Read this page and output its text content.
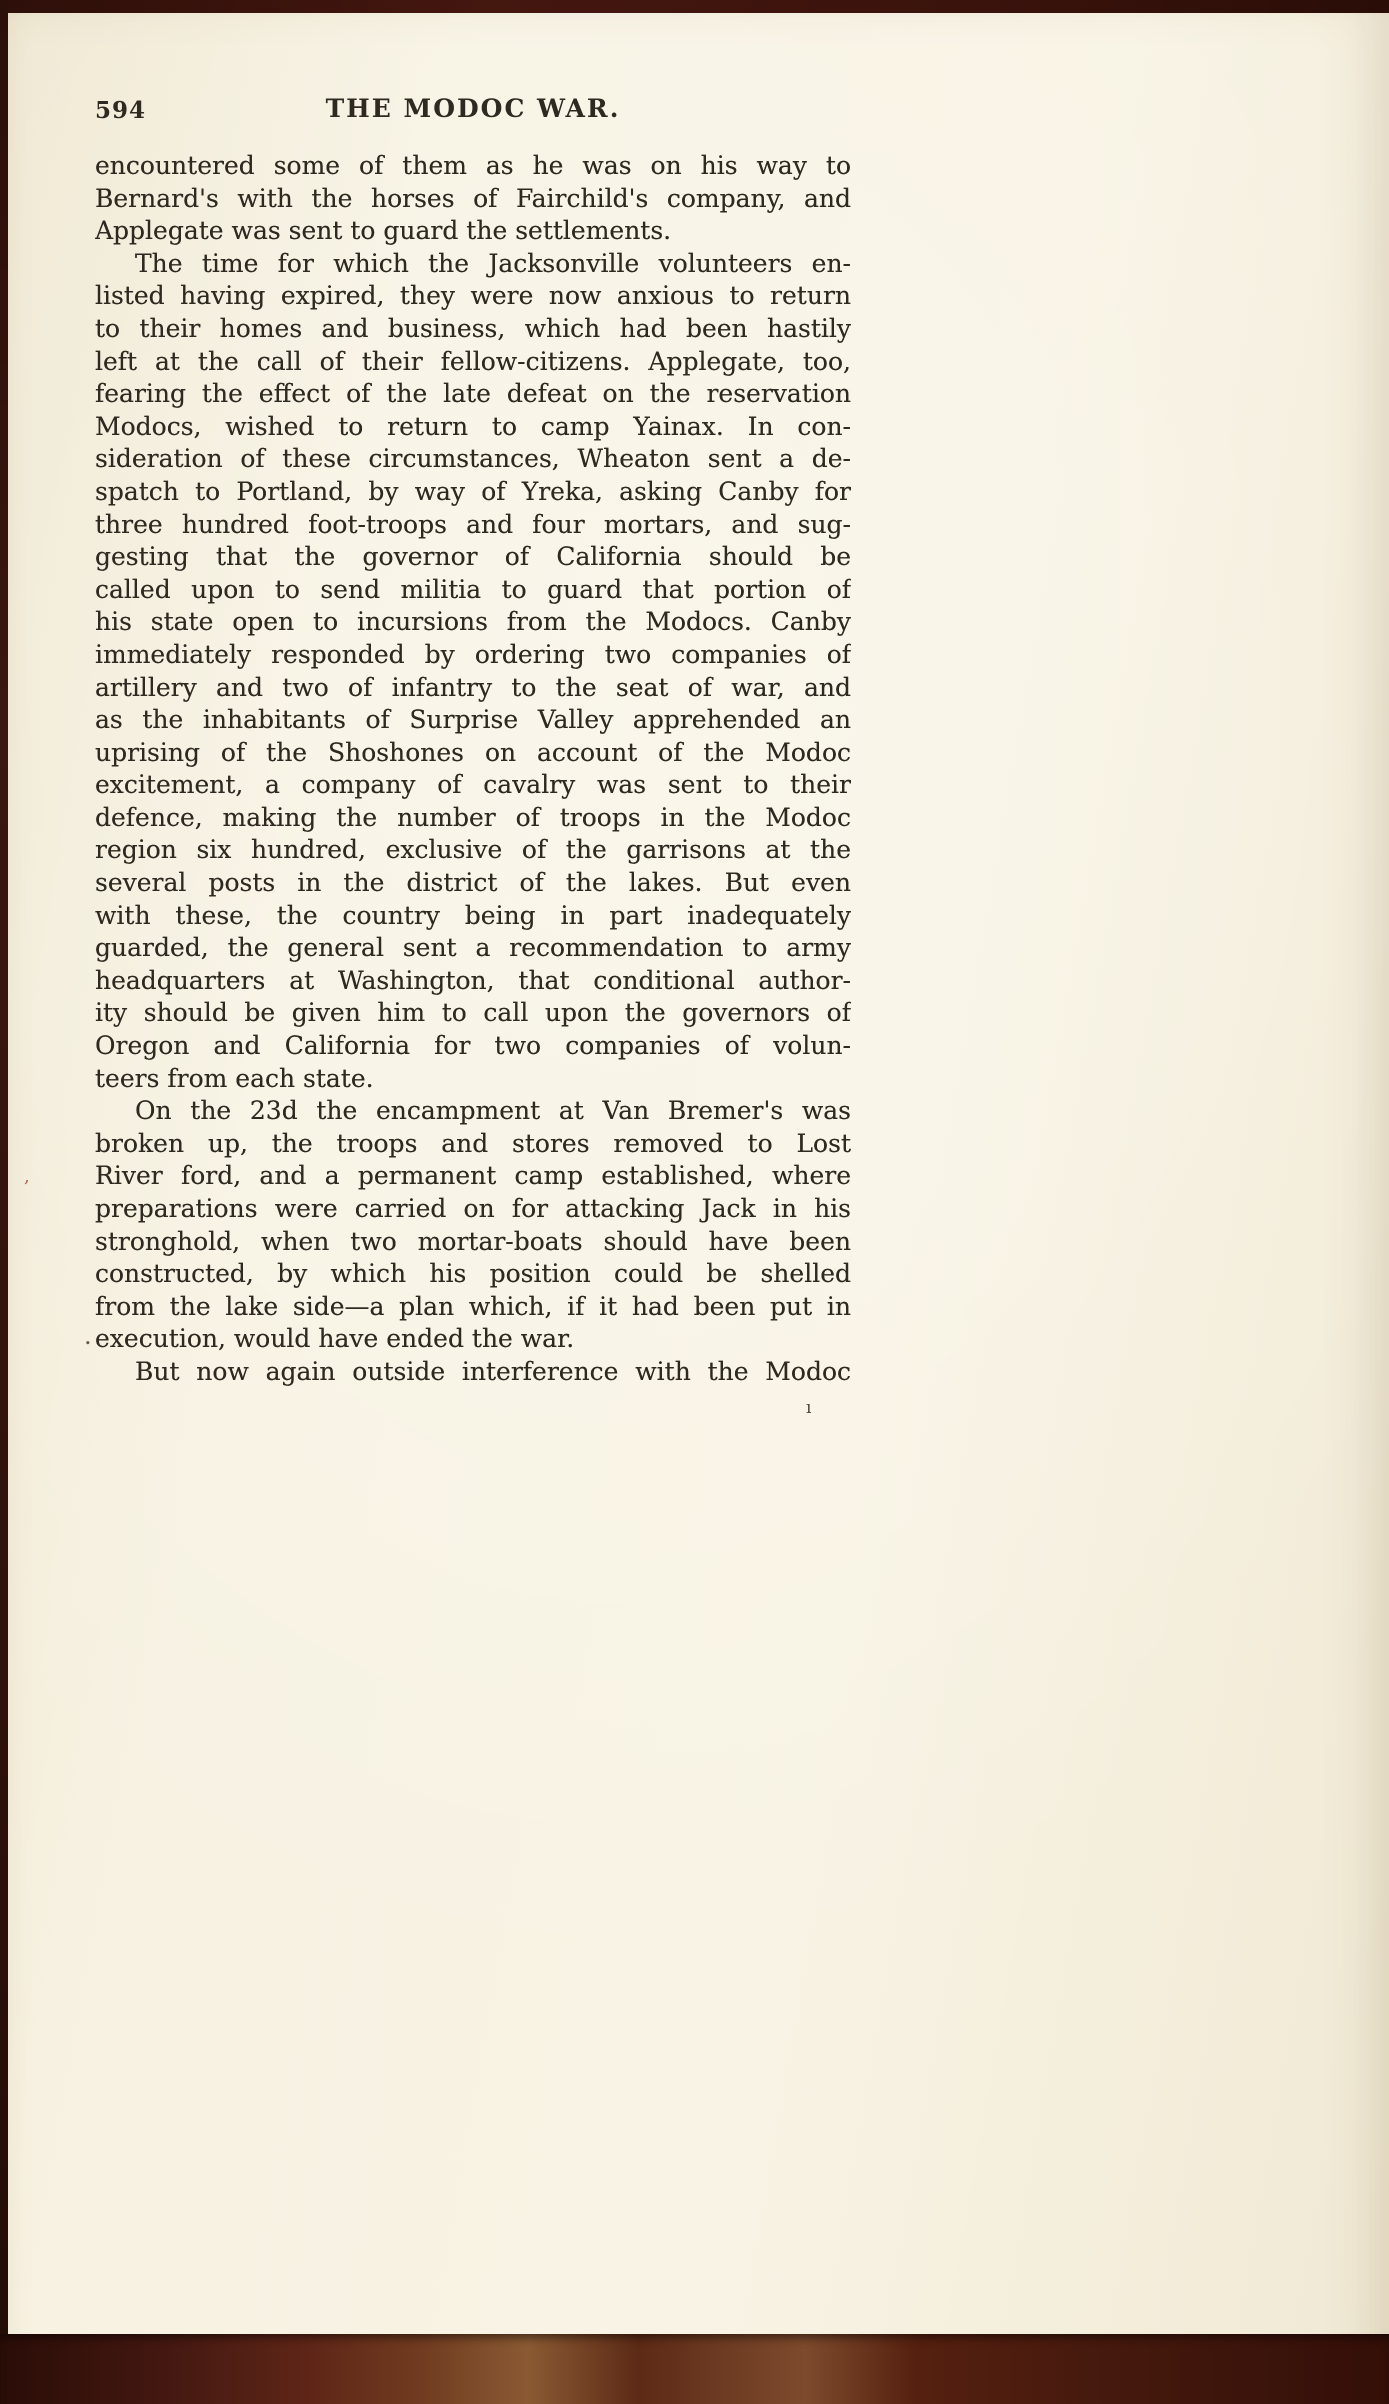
594	THE MODOC WAR.
encountered some of them as he was on his way to
Bernard's with the horses of Fairchild's company, and
Applegate was sent to guard the settlements.
The time for which the Jacksonville volunteers en-
listed having expired, they were now anxious to return
to their homes and business, which had been hastily
left at the call of their fellow-citizens. Applegate, too,
fearing the effect of the late defeat on the reservation
Modocs, wished to return to camp Yainax. In con-
sideration of these circumstances, Wheaton sent a de-
spatch to Portland, by way of Yreka, asking Canby for
three hundred foot-troops and four mortars, and sug-
gesting that the governor of California should be
called upon to send militia to guard that portion of
his state open to incursions from the Modocs. Canby
immediately responded by ordering two companies of
artillery and two of infantry to the seat of war, and
as the inhabitants of Surprise Valley apprehended an
uprising of the Shoshones on account of the Modoc
excitement, a company of cavalry was sent to their
defence, making the number of troops in the Modoc
region six hundred, exclusive of the garrisons at the
several posts in the district of the lakes. But even
with these, the country being in part inadequately
guarded, the general sent a recommendation to army
headquarters at Washington, that conditional author-
ity should be given him to call upon the governors of
Oregon and California for two companies of volun-
teers from each state.
On the 23d the encampment at Van Bremer's was
broken up, the troops and stores removed to Lost
River ford, and a permanent camp established, where
preparations were carried on for attacking Jack in his
stronghold, when two mortar-boats should have been
constructed, by which his position could be shelled
from the lake side—a plan which, if it had been put in
execution, would have ended the war.
But now again outside interference with the Modoc
.
ı
,
